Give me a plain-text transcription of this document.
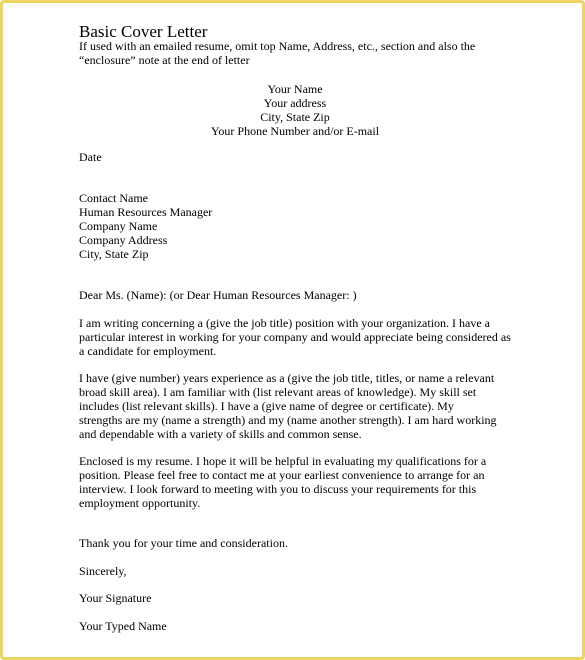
Basic Cover Letter
If used with an emailed resume, omit top Name, Address, etc., section and also the
“enclosure” note at the end of letter
Your Name
Your address
City, State Zip
Your Phone Number and/or E-mail
Date
Contact Name
Human Resources Manager
Company Name
Company Address
City, State Zip
Dear Ms. (Name): (or Dear Human Resources Manager: )
I am writing concerning a (give the job title) position with your organization. I have a
particular interest in working for your company and would appreciate being considered as
a candidate for employment.
I have (give number) years experience as a (give the job title, titles, or name a relevant
broad skill area). I am familiar with (list relevant areas of knowledge). My skill set
includes (list relevant skills). I have a (give name of degree or certificate). My
strengths are my (name a strength) and my (name another strength). I am hard working
and dependable with a variety of skills and common sense.
Enclosed is my resume. I hope it will be helpful in evaluating my qualifications for a
position. Please feel free to contact me at your earliest convenience to arrange for an
interview. I look forward to meeting with you to discuss your requirements for this
employment opportunity.
Thank you for your time and consideration.
Sincerely,
Your Signature
Your Typed Name
